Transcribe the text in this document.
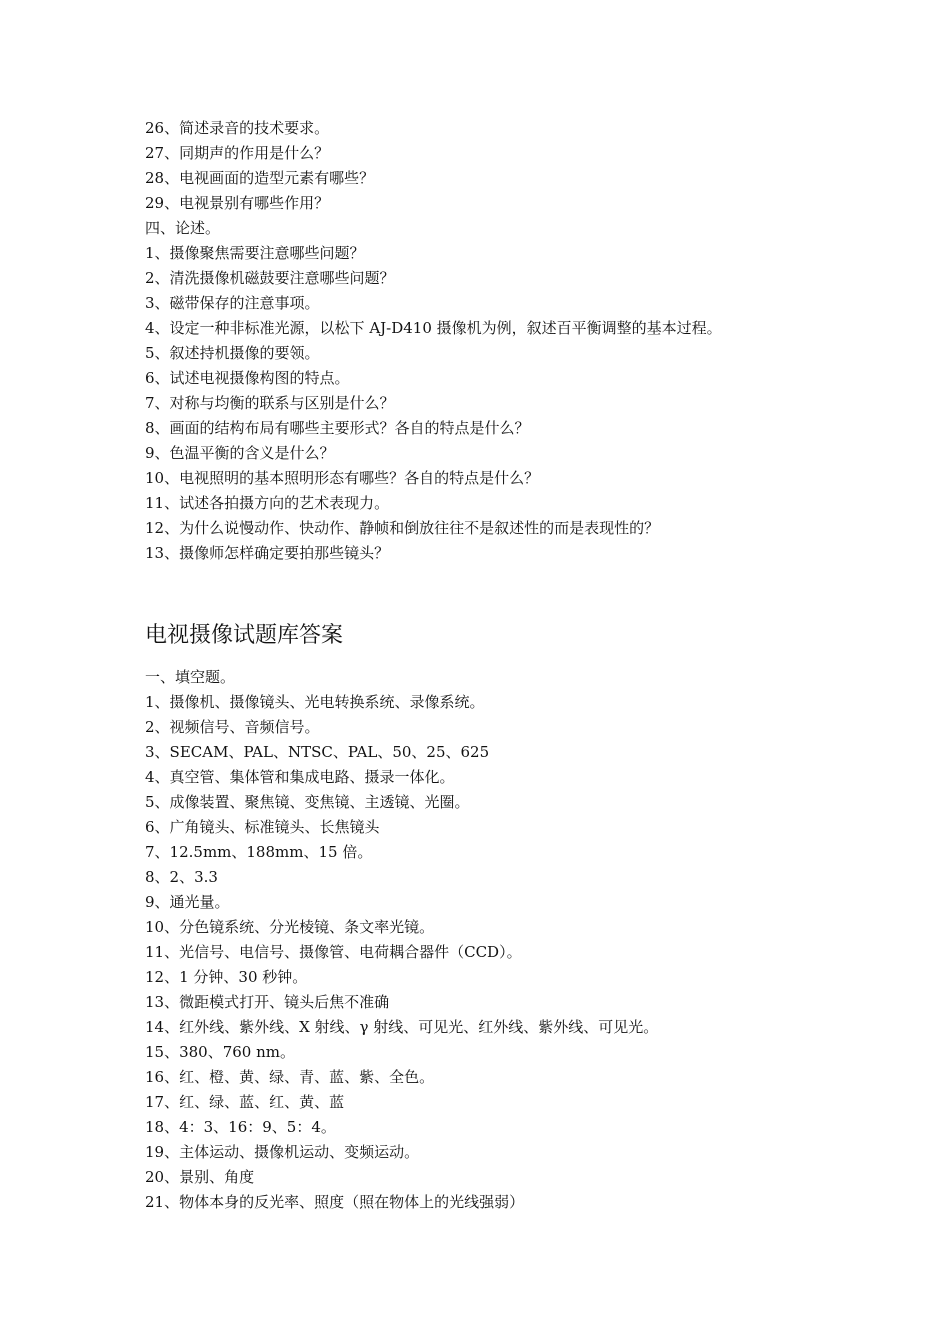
26、简述录音的技术要求。
27、同期声的作用是什么？
28、电视画面的造型元素有哪些？
29、电视景别有哪些作用？
四、论述。
1、摄像聚焦需要注意哪些问题？
2、清洗摄像机磁鼓要注意哪些问题？
3、磁带保存的注意事项。
4、设定一种非标准光源，以松下 AJ-D410 摄像机为例，叙述百平衡调整的基本过程。
5、叙述持机摄像的要领。
6、试述电视摄像构图的特点。
7、对称与均衡的联系与区别是什么？
8、画面的结构布局有哪些主要形式？各自的特点是什么？
9、色温平衡的含义是什么？
10、电视照明的基本照明形态有哪些？各自的特点是什么？
11、试述各拍摄方向的艺术表现力。
12、为什么说慢动作、快动作、静帧和倒放往往不是叙述性的而是表现性的？
13、摄像师怎样确定要拍那些镜头？
电视摄像试题库答案
一、填空题。
1、摄像机、摄像镜头、光电转换系统、录像系统。
2、视频信号、音频信号。
3、SECAM、PAL、NTSC、PAL、50、25、625
4、真空管、集体管和集成电路、摄录一体化。
5、成像装置、聚焦镜、变焦镜、主透镜、光圈。
6、广角镜头、标准镜头、长焦镜头
7、12.5mm、188mm、15 倍。
8、2、3.3
9、通光量。
10、分色镜系统、分光棱镜、条文率光镜。
11、光信号、电信号、摄像管、电荷耦合器件（CCD）。
12、1 分钟、30 秒钟。
13、微距模式打开、镜头后焦不准确
14、红外线、紫外线、X 射线、γ 射线、可见光、红外线、紫外线、可见光。
15、380、760 nm。
16、红、橙、黄、绿、青、蓝、紫、全色。
17、红、绿、蓝、红、黄、蓝
18、4：3、16：9、5：4。
19、主体运动、摄像机运动、变频运动。
20、景别、角度
21、物体本身的反光率、照度（照在物体上的光线强弱）
